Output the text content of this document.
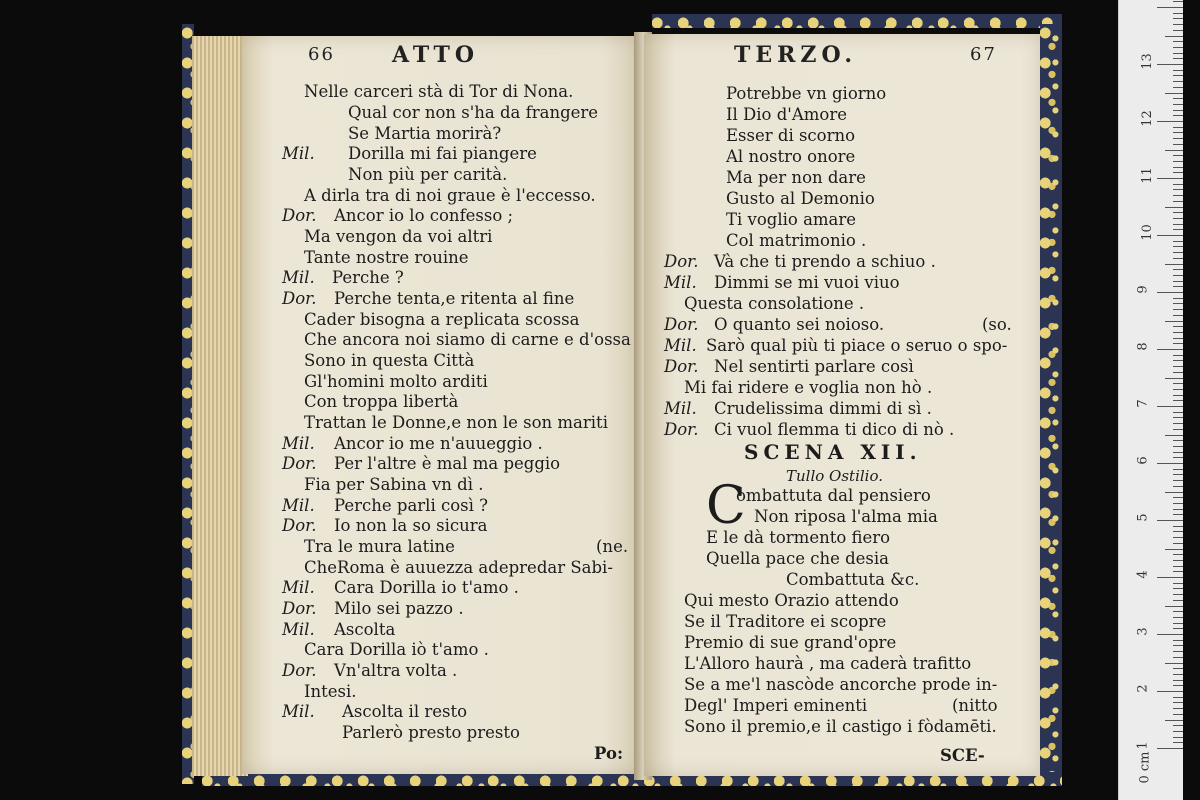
66	ATTO
Nelle carceri stà di Tor di Nona.
Qual cor non s'ha da frangere
Se Martia morirà?
Mil. Dorilla mi fai piangere
Non più per carità.
A dirla tra di noi graue è l'eccesso.
Dor. Ancor io lo confesso ;
Ma vengon da voi altri
Tante nostre rouine
Mil. Perche ?
Dor. Perche tenta,e ritenta al fine
Cader bisogna a replicata scossa
Che ancora noi siamo di carne e d'ossa
Sono in questa Città
Gl'homini molto arditi
Con troppa libertà
Trattan le Donne,e non le son mariti
Mil. Ancor io me n'auueggio .
Dor. Per l'altre è mal ma peggio
Fia per Sabina vn dì .
Mil. Perche parli così ?
Dor. Io non la so sicura
Tra le mura latine	(ne.
CheRoma è auuezza adepredar Sabi-
Mil. Cara Dorilla io t'amo .
Dor. Milo sei pazzo .
Mil. Ascolta
Cara Dorilla iò t'amo .
Dor. Vn'altra volta .
Intesi.
Mil. Ascolta il resto
Parlerò presto presto
Po:
TERZO.	67
Potrebbe vn giorno
Il Dio d'Amore
Esser di scorno
Al nostro onore
Ma per non dare
Gusto al Demonio
Ti voglio amare
Col matrimonio .
Dor. Và che ti prendo a schiuo .
Mil. Dimmi se mi vuoi viuo
Questa consolatione .
Dor. O quanto sei noioso.	(so.
Mil. Sarò qual più ti piace o seruo o spo-
Dor. Nel sentirti parlare così
Mi fai ridere e voglia non hò .
Mil. Crudelissima dimmi di sì .
Dor. Ci vuol flemma ti dico di nò .
SCENA XII.
Tullo Ostilio.
C
ombattuta dal pensiero
Non riposa l'alma mia
E le dà tormento fiero
Quella pace che desia
Combattuta &c.
Qui mesto Orazio attendo
Se il Traditore ei scopre
Premio di sue grand'opre
L'Alloro haurà , ma caderà trafitto
Se a me'l nascòde ancorche prode in-
Degl' Imperi eminenti	(nitto
Sono il premio,e il castigo i fòdamēti.
SCE-	0 cm
1
2
3
4
5
6
7
8
9
10
11
12
13
